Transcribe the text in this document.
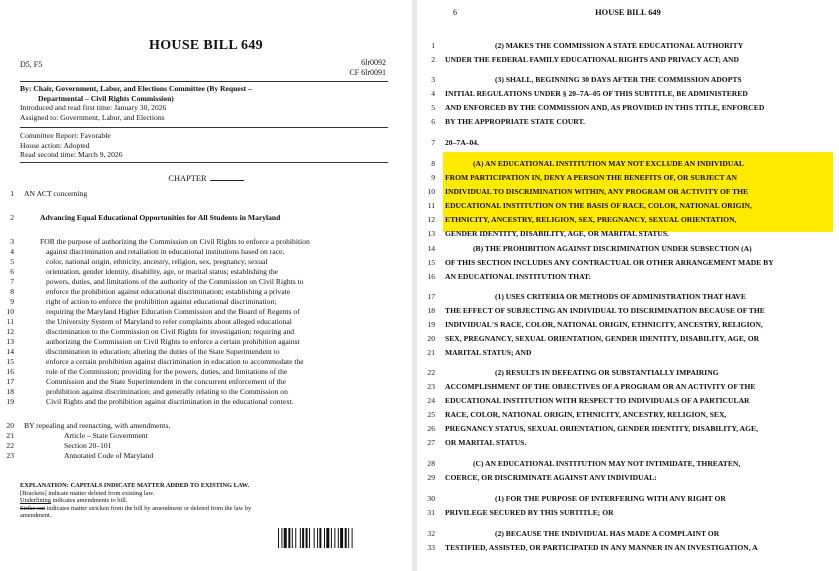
HOUSE BILL 649
D5, F5	6lr0092
CF 6lr0091
By: Chair, Government, Labor, and Elections Committee (By Request –
Departmental – Civil Rights Commission)
Introduced and read first time: January 30, 2026
Assigned to: Government, Labor, and Elections
Committee Report: Favorable
House action: Adopted
Read second time: March 9, 2026
CHAPTER
1 AN ACT concerning
2	Advancing Equal Educational Opportunities for All Students in Maryland
3	FOR the purpose of authorizing the Commission on Civil Rights to enforce a prohibition
4	against discrimination and retaliation in educational institutions based on race,
5	color, national origin, ethnicity, ancestry, religion, sex, pregnancy, sexual
6	orientation, gender identity, disability, age, or marital status; establishing the
7	powers, duties, and limitations of the authority of the Commission on Civil Rights to
8	enforce the prohibition against educational discrimination; establishing a private
9	right of action to enforce the prohibition against educational discrimination;
10	requiring the Maryland Higher Education Commission and the Board of Regents of
11	the University System of Maryland to refer complaints about alleged educational
12	discrimination to the Commission on Civil Rights for investigation; requiring and
13	authorizing the Commission on Civil Rights to enforce a certain prohibition against
14	discrimination in education; altering the duties of the State Superintendent to
15	enforce a certain prohibition against discrimination in education to accommodate the
16	role of the Commission; providing for the powers, duties, and limitations of the
17	Commission and the State Superintendent in the concurrent enforcement of the
18	prohibition against discrimination; and generally relating to the Commission on
19	Civil Rights and the prohibition against discrimination in the educational context.
20 BY repealing and reenacting, with amendments,
21	Article – State Government
22	Section 20–101
23	Annotated Code of Maryland
EXPLANATION: CAPITALS INDICATE MATTER ADDED TO EXISTING LAW.
[Brackets] indicate matter deleted from existing law.
Underlining indicates amendments to bill.
Strike out indicates matter stricken from the bill by amendment or deleted from the law by
amendment.
6	HOUSE BILL 649
1	(2) MAKES THE COMMISSION A STATE EDUCATIONAL AUTHORITY
2 UNDER THE FEDERAL FAMILY EDUCATIONAL RIGHTS AND PRIVACY ACT; AND
3	(3) SHALL, BEGINNING 30 DAYS AFTER THE COMMISSION ADOPTS
4 INITIAL REGULATIONS UNDER § 20–7A–05 OF THIS SUBTITLE, BE ADMINISTERED
5 AND ENFORCED BY THE COMMISSION AND, AS PROVIDED IN THIS TITLE, ENFORCED
6 BY THE APPROPRIATE STATE COURT.
7 20–7A–04.
8	(A) AN EDUCATIONAL INSTITUTION MAY NOT EXCLUDE AN INDIVIDUAL
9 FROM PARTICIPATION IN, DENY A PERSON THE BENEFITS OF, OR SUBJECT AN
10 INDIVIDUAL TO DISCRIMINATION WITHIN, ANY PROGRAM OR ACTIVITY OF THE
11 EDUCATIONAL INSTITUTION ON THE BASIS OF RACE, COLOR, NATIONAL ORIGIN,
12 ETHNICITY, ANCESTRY, RELIGION, SEX, PREGNANCY, SEXUAL ORIENTATION,
13 GENDER IDENTITY, DISABILITY, AGE, OR MARITAL STATUS.
14	(B) THE PROHIBITION AGAINST DISCRIMINATION UNDER SUBSECTION (A)
15 OF THIS SECTION INCLUDES ANY CONTRACTUAL OR OTHER ARRANGEMENT MADE BY
16 AN EDUCATIONAL INSTITUTION THAT:
17	(1) USES CRITERIA OR METHODS OF ADMINISTRATION THAT HAVE
18 THE EFFECT OF SUBJECTING AN INDIVIDUAL TO DISCRIMINATION BECAUSE OF THE
19 INDIVIDUAL'S RACE, COLOR, NATIONAL ORIGIN, ETHNICITY, ANCESTRY, RELIGION,
20 SEX, PREGNANCY, SEXUAL ORIENTATION, GENDER IDENTITY, DISABILITY, AGE, OR
21 MARITAL STATUS; AND
22	(2) RESULTS IN DEFEATING OR SUBSTANTIALLY IMPAIRING
23 ACCOMPLISHMENT OF THE OBJECTIVES OF A PROGRAM OR AN ACTIVITY OF THE
24 EDUCATIONAL INSTITUTION WITH RESPECT TO INDIVIDUALS OF A PARTICULAR
25 RACE, COLOR, NATIONAL ORIGIN, ETHNICITY, ANCESTRY, RELIGION, SEX,
26 PREGNANCY STATUS, SEXUAL ORIENTATION, GENDER IDENTITY, DISABILITY, AGE,
27 OR MARITAL STATUS.
28	(C) AN EDUCATIONAL INSTITUTION MAY NOT INTIMIDATE, THREATEN,
29 COERCE, OR DISCRIMINATE AGAINST ANY INDIVIDUAL:
30	(1) FOR THE PURPOSE OF INTERFERING WITH ANY RIGHT OR
31 PRIVILEGE SECURED BY THIS SUBTITLE; OR
32	(2) BECAUSE THE INDIVIDUAL HAS MADE A COMPLAINT OR
33 TESTIFIED, ASSISTED, OR PARTICIPATED IN ANY MANNER IN AN INVESTIGATION, A
